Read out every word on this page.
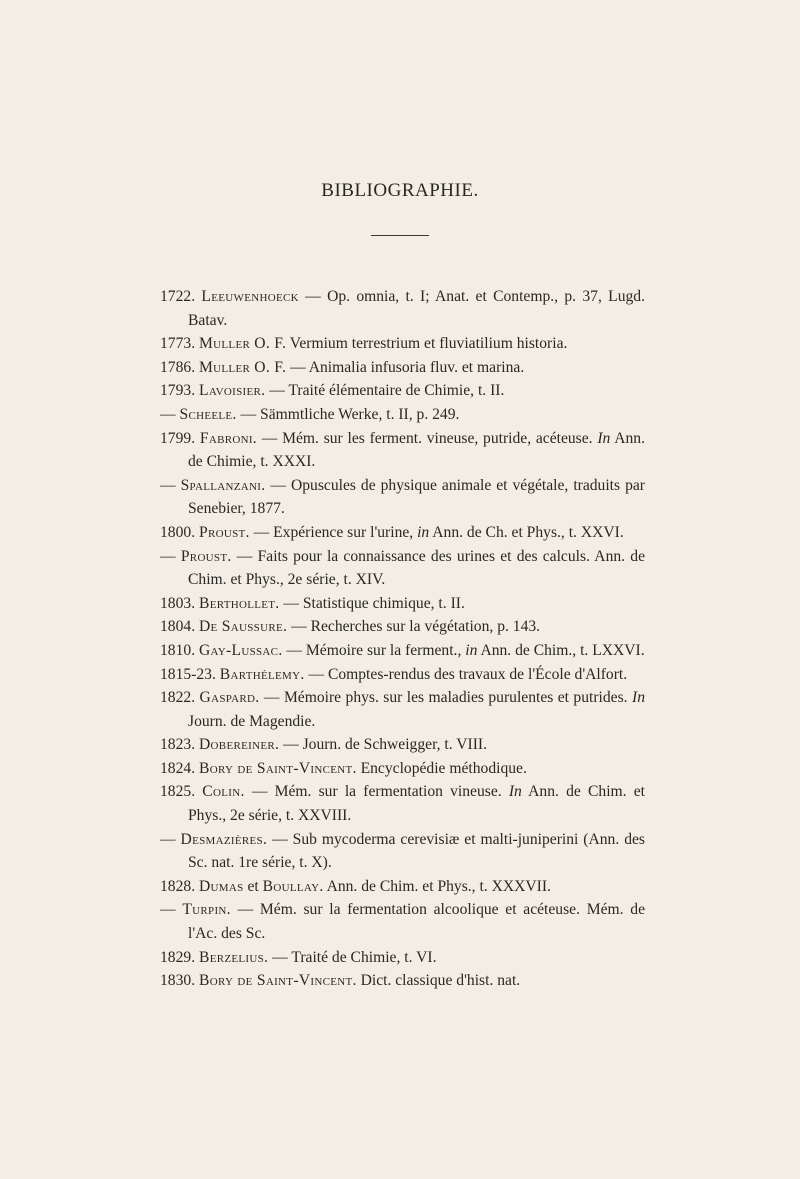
BIBLIOGRAPHIE.
1722. Leeuwenhoeck — Op. omnia, t. I; Anat. et Contemp., p. 37, Lugd. Batav.
1773. Muller O. F. Vermium terrestrium et fluviatilium historia.
1786. Muller O. F. — Animalia infusoria fluv. et marina.
1793. Lavoisier. — Traité élémentaire de Chimie, t. II.
— Scheele. — Sämmtliche Werke, t. II, p. 249.
1799. Fabroni. — Mém. sur les ferment. vineuse, putride, acéteuse. In Ann. de Chimie, t. XXXI.
— Spallanzani. — Opuscules de physique animale et végétale, traduits par Senebier, 1877.
1800. Proust. — Expérience sur l'urine, in Ann. de Ch. et Phys., t. XXVI.
— Proust. — Faits pour la connaissance des urines et des calculs. Ann. de Chim. et Phys., 2e série, t. XIV.
1803. Berthollet. — Statistique chimique, t. II.
1804. De Saussure. — Recherches sur la végétation, p. 143.
1810. Gay-Lussac. — Mémoire sur la ferment., in Ann. de Chim., t. LXXVI.
1815-23. Barthélemy. — Comptes-rendus des travaux de l'École d'Alfort.
1822. Gaspard. — Mémoire phys. sur les maladies purulentes et putrides. In Journ. de Magendie.
1823. Dobereiner. — Journ. de Schweigger, t. VIII.
1824. Bory de Saint-Vincent. Encyclopédie méthodique.
1825. Colin. — Mém. sur la fermentation vineuse. In Ann. de Chim. et Phys., 2e série, t. XXVIII.
— Desmazières. — Sub mycoderma cerevisiæ et malti-juniperini (Ann. des Sc. nat. 1re série, t. X).
1828. Dumas et Boullay. Ann. de Chim. et Phys., t. XXXVII.
— Turpin. — Mém. sur la fermentation alcoolique et acéteuse. Mém. de l'Ac. des Sc.
1829. Berzelius. — Traité de Chimie, t. VI.
1830. Bory de Saint-Vincent. Dict. classique d'hist. nat.
